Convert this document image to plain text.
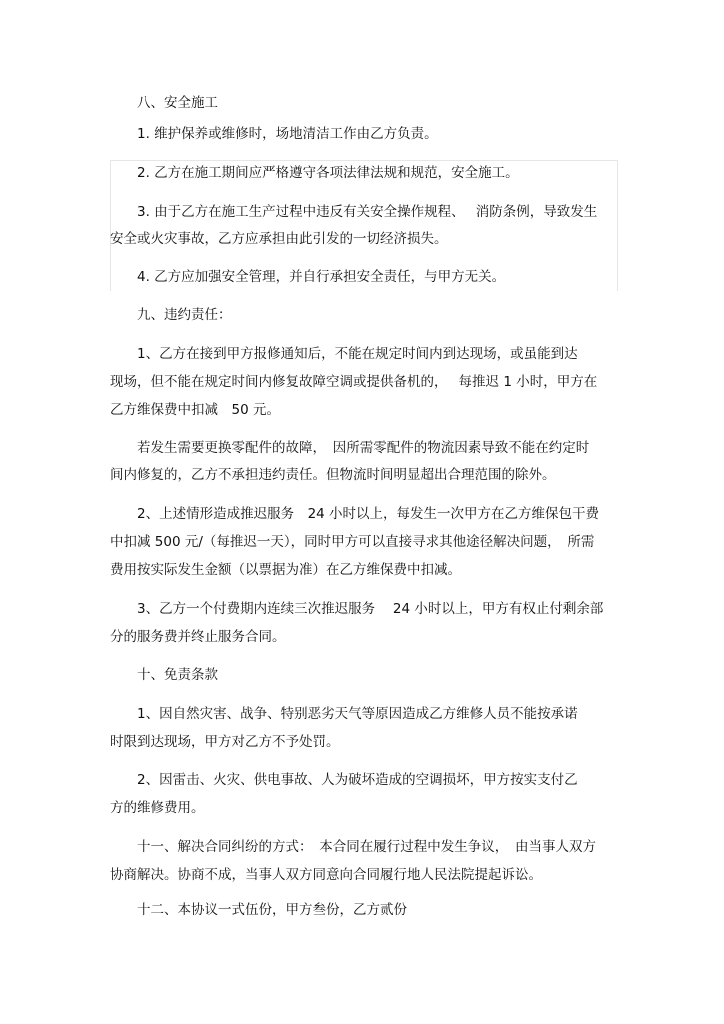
八、安全施工
1. 维护保养或维修时，场地清洁工作由乙方负责。
2. 乙方在施工期间应严格遵守各项法律法规和规范，安全施工。
3. 由于乙方在施工生产过程中违反有关安全操作规程、　 消防条例，导致发生
安全或火灾事故，乙方应承担由此引发的一切经济损失。
4. 乙方应加强安全管理，并自行承担安全责任，与甲方无关。
九、违约责任：
1、乙方在接到甲方报修通知后，不能在规定时间内到达现场，或虽能到达
现场，但不能在规定时间内修复故障空调或提供备机的，　 每推迟 1 小时，甲方在
乙方维保费中扣减　50 元。
若发生需要更换零配件的故障，　因所需零配件的物流因素导致不能在约定时
间内修复的，乙方不承担违约责任。但物流时间明显超出合理范围的除外。
2、上述情形造成推迟服务　24 小时以上，每发生一次甲方在乙方维保包干费
中扣减 500 元/（每推迟一天），同时甲方可以直接寻求其他途径解决问题，　所需
费用按实际发生金额（以票据为准）在乙方维保费中扣减。
3、乙方一个付费期内连续三次推迟服务　 24 小时以上，甲方有权止付剩余部
分的服务费并终止服务合同。
十、免责条款
1、因自然灾害、战争、特别恶劣天气等原因造成乙方维修人员不能按承诺
时限到达现场，甲方对乙方不予处罚。
2、因雷击、火灾、供电事故、人为破坏造成的空调损坏，甲方按实支付乙
方的维修费用。
十一、解决合同纠纷的方式：　本合同在履行过程中发生争议，　由当事人双方
协商解决。协商不成，当事人双方同意向合同履行地人民法院提起诉讼。
十二、本协议一式伍份，甲方叁份，乙方贰份
